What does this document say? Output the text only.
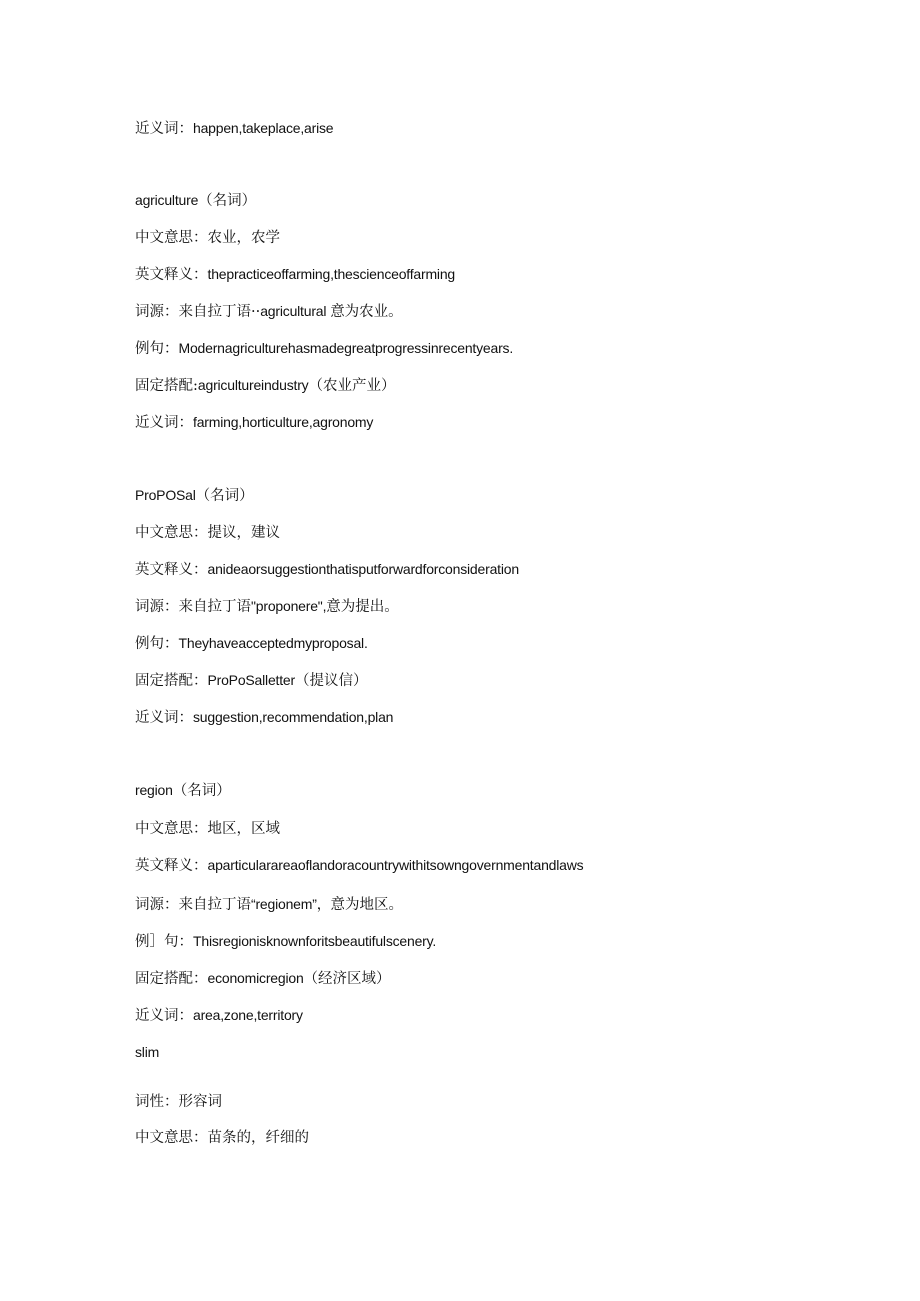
近义词：happen,takeplace,arise
agriculture（名词）
中文意思：农业，农学
英文释义：thepracticeoffarming,thescienceoffarming
词源：来自拉丁语··agricultural 意为农业。
例句：Modernagriculturehasmadegreatprogressinrecentyears.
固定搭配:agricultureindustry（农业产业）
近义词：farming,horticulture,agronomy
ProPOSal（名词）
中文意思：提议，建议
英文释义：anideaorsuggestionthatisputforwardforconsideration
词源：来自拉丁语"proponere",意为提出。
例句：Theyhaveacceptedmyproposal.
固定搭配：ProPoSalletter（提议信）
近义词：suggestion,recommendation,plan
region（名词）
中文意思：地区，区域
英文释义：aparticularareaoflandoracountrywithitsowngovernmentandlaws
词源：来自拉丁语“regionem”，意为地区。
例］句：Thisregionisknownforitsbeautifulscenery.
固定搭配：economicregion（经济区域）
近义词：area,zone,territory
slim
词性：形容词
中文意思：苗条的，纤细的
